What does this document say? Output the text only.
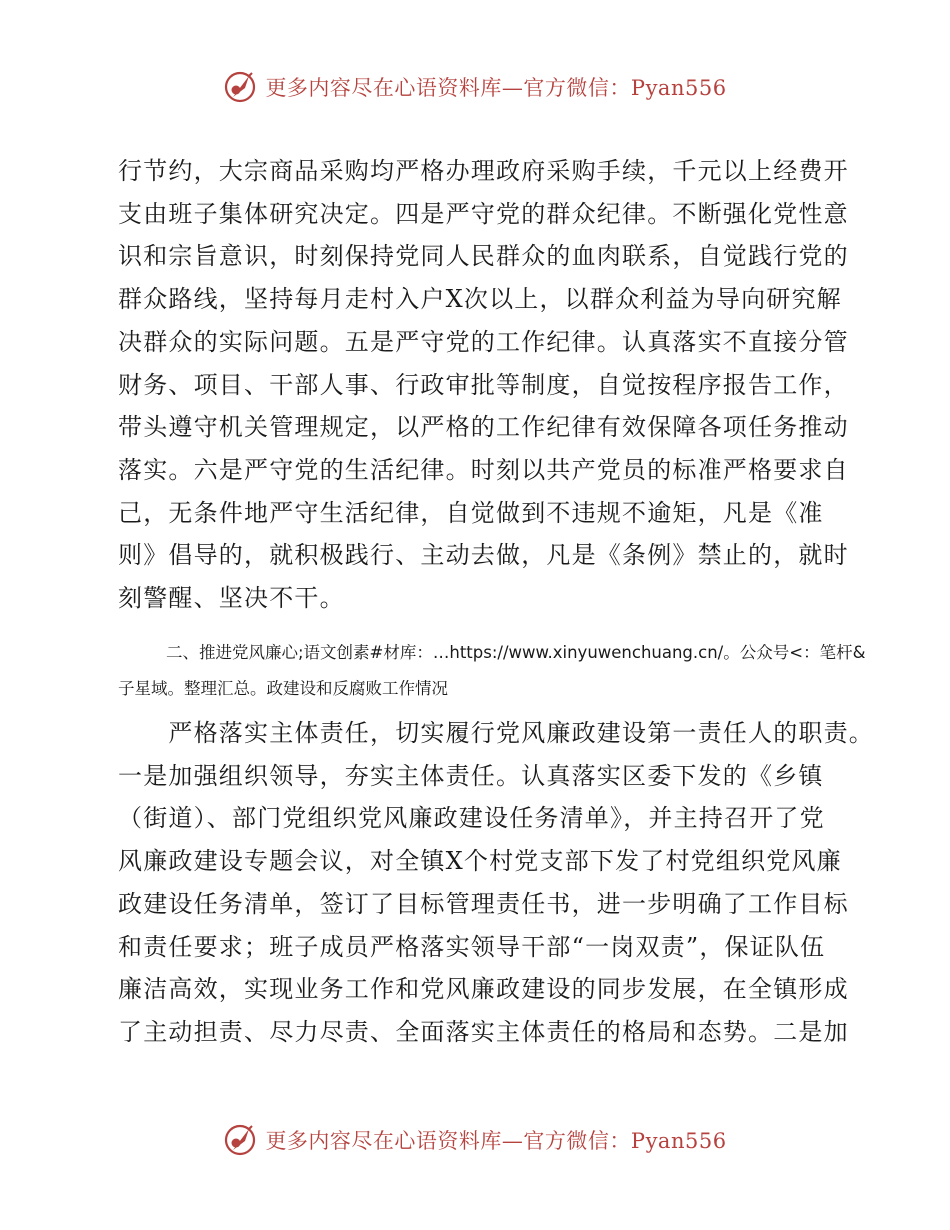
更多内容尽在心语资料库—官方微信：Pyan556
行节约，大宗商品采购均严格办理政府采购手续，千元以上经费开
支由班子集体研究决定。四是严守党的群众纪律。不断强化党性意
识和宗旨意识，时刻保持党同人民群众的血肉联系，自觉践行党的
群众路线，坚持每月走村入户X次以上，以群众利益为导向研究解
决群众的实际问题。五是严守党的工作纪律。认真落实不直接分管
财务、项目、干部人事、行政审批等制度，自觉按程序报告工作，
带头遵守机关管理规定，以严格的工作纪律有效保障各项任务推动
落实。六是严守党的生活纪律。时刻以共产党员的标准严格要求自
己，无条件地严守生活纪律，自觉做到不违规不逾矩，凡是《准
则》倡导的，就积极践行、主动去做，凡是《条例》禁止的，就时
刻警醒、坚决不干。
二、推进党风廉心;语文创素#材库：…https://www.xinyuwenchuang.cn/。公众号<：笔杆&
子星域。整理汇总。政建设和反腐败工作情况
　　严格落实主体责任，切实履行党风廉政建设第一责任人的职责。
一是加强组织领导，夯实主体责任。认真落实区委下发的《乡镇
（街道）、部门党组织党风廉政建设任务清单》，并主持召开了党
风廉政建设专题会议，对全镇X个村党支部下发了村党组织党风廉
政建设任务清单，签订了目标管理责任书，进一步明确了工作目标
和责任要求；班子成员严格落实领导干部“一岗双责”，保证队伍
廉洁高效，实现业务工作和党风廉政建设的同步发展，在全镇形成
了主动担责、尽力尽责、全面落实主体责任的格局和态势。二是加
更多内容尽在心语资料库—官方微信：Pyan556
